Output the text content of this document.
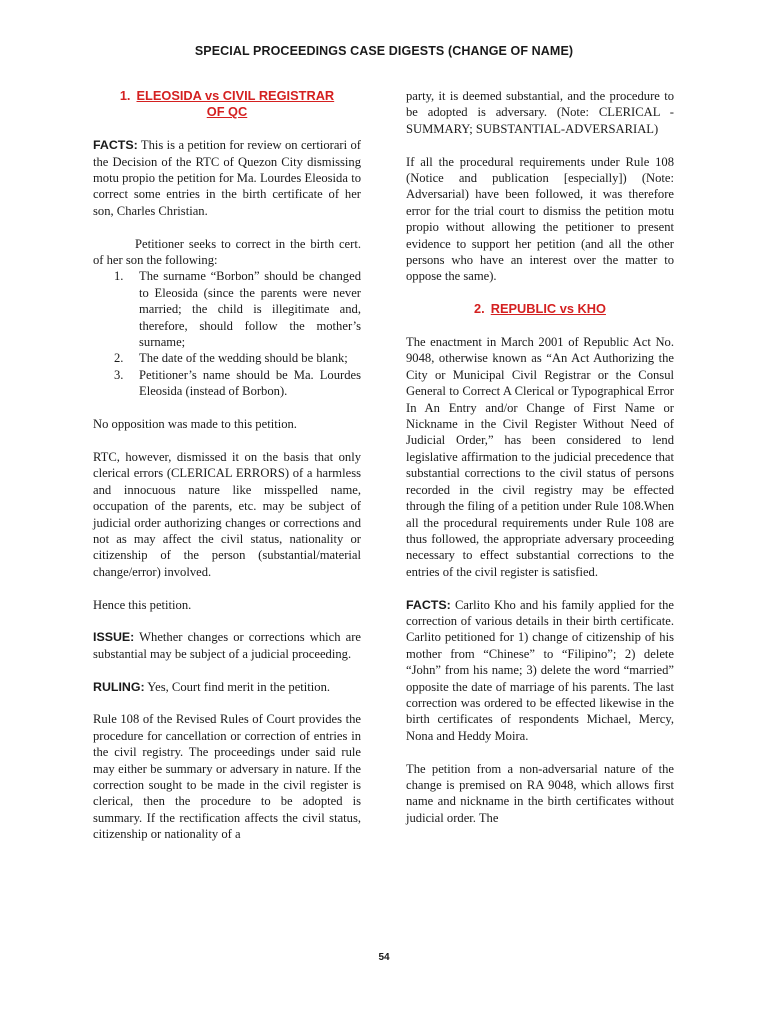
SPECIAL PROCEEDINGS CASE DIGESTS (CHANGE OF NAME)
1. ELEOSIDA vs CIVIL REGISTRAR
OF QC

FACTS: This is a petition for review on certiorari of the Decision of the RTC of Quezon City dismissing motu propio the petition for Ma. Lourdes Eleosida to correct some entries in the birth certificate of her son, Charles Christian.

Petitioner seeks to correct in the birth cert. of her son the following:

1. The surname “Borbon” should be changed to Eleosida (since the parents were never married; the child is illegitimate and, therefore, should follow the mother’s surname;
2. The date of the wedding should be blank;
3. Petitioner’s name should be Ma. Lourdes Eleosida (instead of Borbon).

No opposition was made to this petition.

RTC, however, dismissed it on the basis that only clerical errors (CLERICAL ERRORS) of a harmless and innocuous nature like misspelled name, occupation of the parents, etc. may be subject of judicial order authorizing changes or corrections and not as may affect the civil status, nationality or citizenship of the person (substantial/material change/error) involved.

Hence this petition.

ISSUE: Whether changes or corrections which are substantial may be subject of a judicial proceeding.

RULING: Yes, Court find merit in the petition.

Rule 108 of the Revised Rules of Court provides the procedure for cancellation or correction of entries in the civil registry. The proceedings under said rule may either be summary or adversary in nature. If the correction sought to be made in the civil register is clerical, then the procedure to be adopted is summary. If the rectification affects the civil status, citizenship or nationality of a

party, it is deemed substantial, and the procedure to be adopted is adversary. (Note: CLERICAL -SUMMARY; SUBSTANTIAL-ADVERSARIAL)

If all the procedural requirements under Rule 108 (Notice and publication [especially]) (Note: Adversarial) have been followed, it was therefore error for the trial court to dismiss the petition motu propio without allowing the petitioner to present evidence to support her petition (and all the other persons who have an interest over the matter to oppose the same).

2. REPUBLIC vs KHO

The enactment in March 2001 of Republic Act No. 9048, otherwise known as “An Act Authorizing the City or Municipal Civil Registrar or the Consul General to Correct A Clerical or Typographical Error In An Entry and/or Change of First Name or Nickname in the Civil Register Without Need of Judicial Order,” has been considered to lend legislative affirmation to the judicial precedence that substantial corrections to the civil status of persons recorded in the civil registry may be effected through the filing of a petition under Rule 108.When all the procedural requirements under Rule 108 are thus followed, the appropriate adversary proceeding necessary to effect substantial corrections to the entries of the civil register is satisfied.

FACTS: Carlito Kho and his family applied for the correction of various details in their birth certificate. Carlito petitioned for 1) change of citizenship of his mother from “Chinese” to “Filipino”; 2) delete “John” from his name; 3) delete the word “married” opposite the date of marriage of his parents. The last correction was ordered to be effected likewise in the birth certificates of respondents Michael, Mercy, Nona and Heddy Moira.

The petition from a non-adversarial nature of the change is premised on RA 9048, which allows first name and nickname in the birth certificates without judicial order. The

54
